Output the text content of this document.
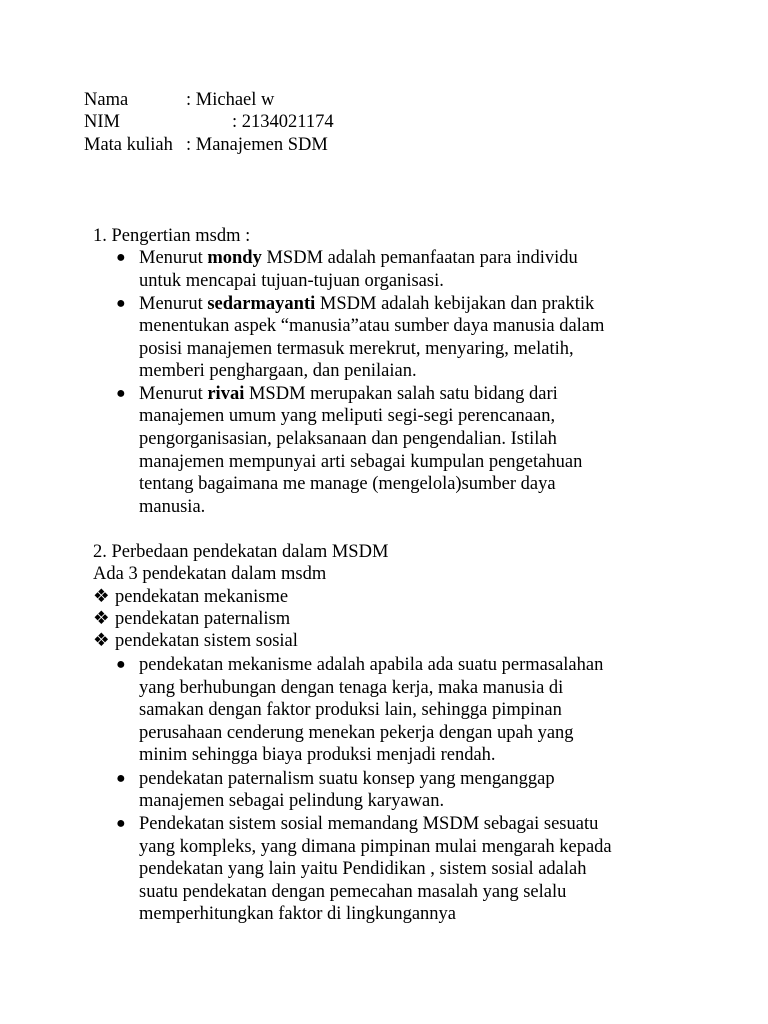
Nama	: Michael w
NIM	: 2134021174
Mata kuliah : Manajemen SDM
1. Pengertian msdm :
● Menurut mondy MSDM adalah pemanfaatan para individu
untuk mencapai tujuan-tujuan organisasi.
● Menurut sedarmayanti MSDM adalah kebijakan dan praktik
menentukan aspek “manusia”atau sumber daya manusia dalam
posisi manajemen termasuk merekrut, menyaring, melatih,
memberi penghargaan, dan penilaian.
● Menurut rivai MSDM merupakan salah satu bidang dari
manajemen umum yang meliputi segi-segi perencanaan,
pengorganisasian, pelaksanaan dan pengendalian. Istilah
manajemen mempunyai arti sebagai kumpulan pengetahuan
tentang bagaimana me manage (mengelola)sumber daya
manusia.
2. Perbedaan pendekatan dalam MSDM
Ada 3 pendekatan dalam msdm
❖ pendekatan mekanisme
❖ pendekatan paternalism
❖ pendekatan sistem sosial
● pendekatan mekanisme adalah apabila ada suatu permasalahan
yang berhubungan dengan tenaga kerja, maka manusia di
samakan dengan faktor produksi lain, sehingga pimpinan
perusahaan cenderung menekan pekerja dengan upah yang
minim sehingga biaya produksi menjadi rendah.
● pendekatan paternalism suatu konsep yang menganggap
manajemen sebagai pelindung karyawan.
● Pendekatan sistem sosial memandang MSDM sebagai sesuatu
yang kompleks, yang dimana pimpinan mulai mengarah kepada
pendekatan yang lain yaitu Pendidikan , sistem sosial adalah
suatu pendekatan dengan pemecahan masalah yang selalu
memperhitungkan faktor di lingkungannya
